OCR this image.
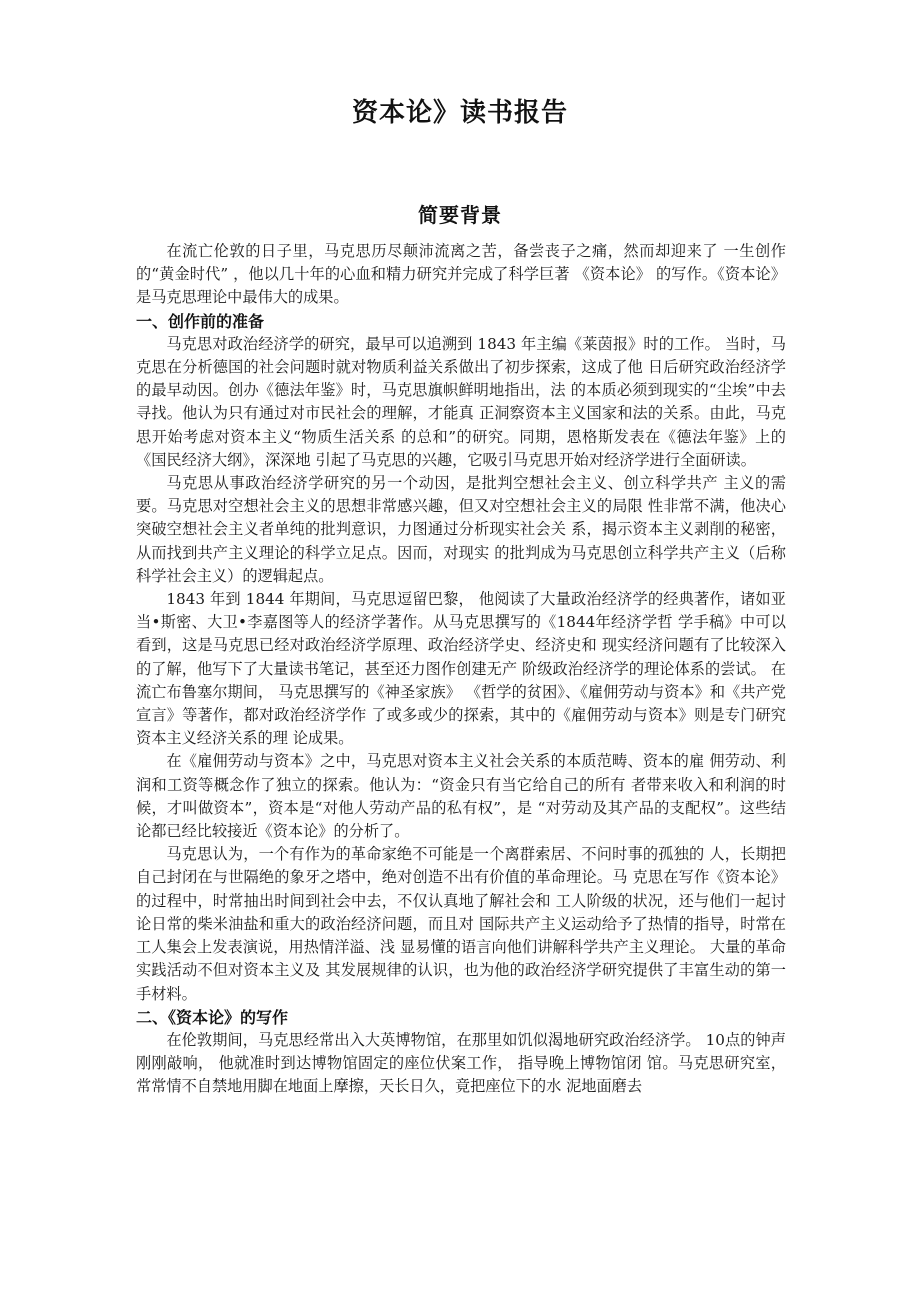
资本论》读书报告
简要背景

在流亡伦敦的日子里，马克思历尽颠沛流离之苦，备尝丧子之痛，然而却迎来了 一生创作的“黄金时代” ，他以几十年的心血和精力研究并完成了科学巨著 《资本论》 的写作。《资本论》是马克思理论中最伟大的成果。

一、创作前的准备

马克思对政治经济学的研究，最早可以追溯到 1843 年主编《莱茵报》时的工作。 当时，马克思在分析德国的社会问题时就对物质利益关系做出了初步探索，这成了他 日后研究政治经济学的最早动因。创办《德法年鉴》时，马克思旗帜鲜明地指出，法 的本质必须到现实的“尘埃”中去寻找。他认为只有通过对市民社会的理解，才能真 正洞察资本主义国家和法的关系。由此，马克思开始考虑对资本主义“物质生活关系 的总和”的研究。同期，恩格斯发表在《德法年鉴》上的《国民经济大纲》，深深地 引起了马克思的兴趣，它吸引马克思开始对经济学进行全面研读。

马克思从事政治经济学研究的另一个动因，是批判空想社会主义、创立科学共产 主义的需要。马克思对空想社会主义的思想非常感兴趣，但又对空想社会主义的局限 性非常不满，他决心突破空想社会主义者单纯的批判意识，力图通过分析现实社会关 系，揭示资本主义剥削的秘密，从而找到共产主义理论的科学立足点。因而，对现实 的批判成为马克思创立科学共产主义（后称科学社会主义）的逻辑起点。

1843 年到 1844 年期间，马克思逗留巴黎， 他阅读了大量政治经济学的经典著作，诸如亚当•斯密、大卫•李嘉图等人的经济学著作。从马克思撰写的《1844年经济学哲 学手稿》中可以看到，这是马克思已经对政治经济学原理、政治经济学史、经济史和 现实经济问题有了比较深入的了解，他写下了大量读书笔记，甚至还力图作创建无产 阶级政治经济学的理论体系的尝试。 在流亡布鲁塞尔期间， 马克思撰写的《神圣家族》 《哲学的贫困》、《雇佣劳动与资本》和《共产党宣言》等著作，都对政治经济学作 了或多或少的探索，其中的《雇佣劳动与资本》则是专门研究资本主义经济关系的理 论成果。

在《雇佣劳动与资本》之中，马克思对资本主义社会关系的本质范畴、资本的雇 佣劳动、利润和工资等概念作了独立的探索。他认为：“资金只有当它给自己的所有 者带来收入和利润的时候，才叫做资本”，资本是“对他人劳动产品的私有权”，是 “对劳动及其产品的支配权”。这些结论都已经比较接近《资本论》的分析了。

马克思认为，一个有作为的革命家绝不可能是一个离群索居、不问时事的孤独的 人，长期把自己封闭在与世隔绝的象牙之塔中，绝对创造不出有价值的革命理论。马 克思在写作《资本论》的过程中，时常抽出时间到社会中去，不仅认真地了解社会和 工人阶级的状况，还与他们一起讨论日常的柴米油盐和重大的政治经济问题，而且对 国际共产主义运动给予了热情的指导，时常在工人集会上发表演说，用热情洋溢、浅 显易懂的语言向他们讲解科学共产主义理论。 大量的革命实践活动不但对资本主义及 其发展规律的认识，也为他的政治经济学研究提供了丰富生动的第一手材料。

二、《资本论》的写作

在伦敦期间，马克思经常出入大英博物馆，在那里如饥似渴地研究政治经济学。 10点的钟声刚刚敲响， 他就准时到达博物馆固定的座位伏案工作， 指导晚上博物馆闭 馆。马克思研究室，常常情不自禁地用脚在地面上摩擦，天长日久，竟把座位下的水 泥地面磨去
